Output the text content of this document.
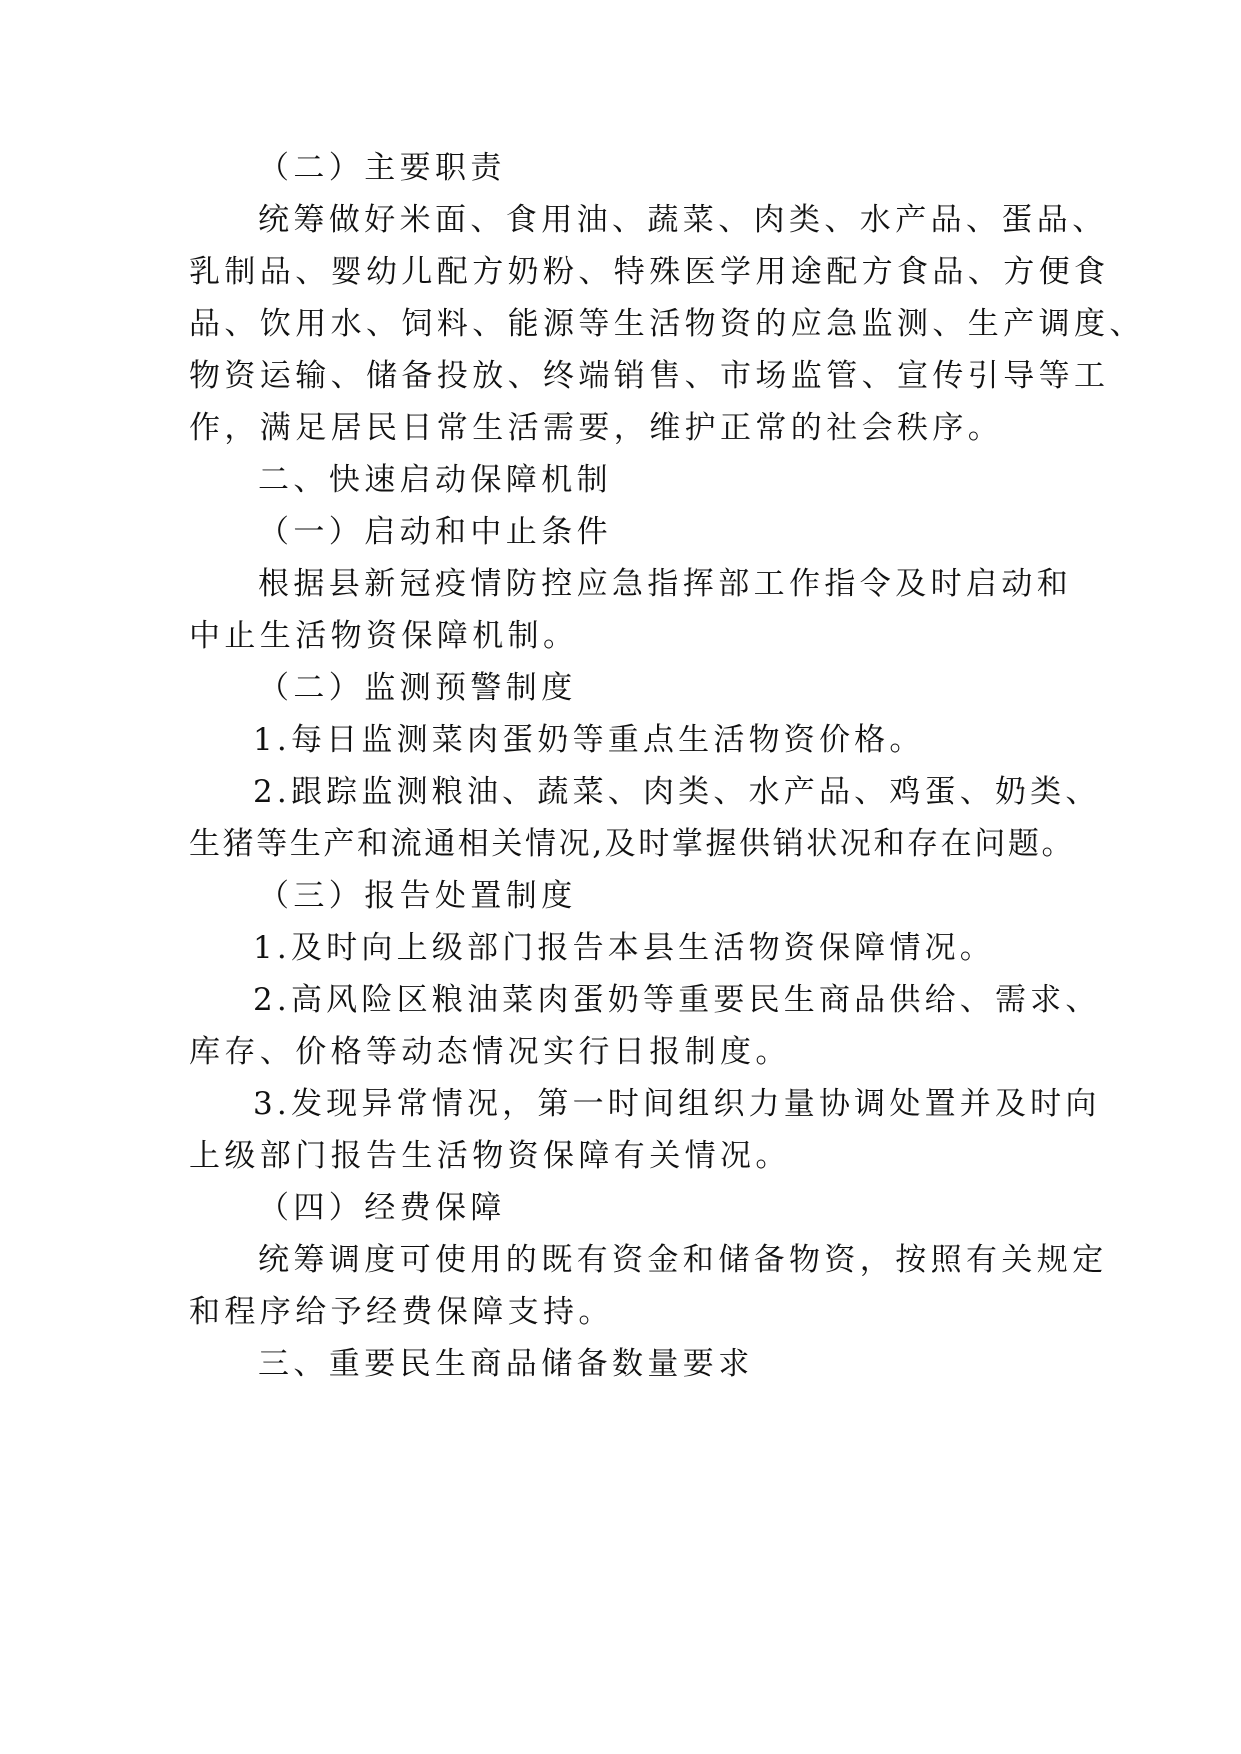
（二）主要职责
统筹做好米面、食用油、蔬菜、肉类、水产品、蛋品、
乳制品、婴幼儿配方奶粉、特殊医学用途配方食品、方便食
品、饮用水、饲料、能源等生活物资的应急监测、生产调度、
物资运输、储备投放、终端销售、市场监管、宣传引导等工
作，满足居民日常生活需要，维护正常的社会秩序。
二、快速启动保障机制
（一）启动和中止条件
根据县新冠疫情防控应急指挥部工作指令及时启动和
中止生活物资保障机制。
（二）监测预警制度
1.每日监测菜肉蛋奶等重点生活物资价格。
2.跟踪监测粮油、蔬菜、肉类、水产品、鸡蛋、奶类、
生猪等生产和流通相关情况,及时掌握供销状况和存在问题。
（三）报告处置制度
1.及时向上级部门报告本县生活物资保障情况。
2.高风险区粮油菜肉蛋奶等重要民生商品供给、需求、
库存、价格等动态情况实行日报制度。
3.发现异常情况，第一时间组织力量协调处置并及时向
上级部门报告生活物资保障有关情况。
（四）经费保障
统筹调度可使用的既有资金和储备物资，按照有关规定
和程序给予经费保障支持。
三、重要民生商品储备数量要求
